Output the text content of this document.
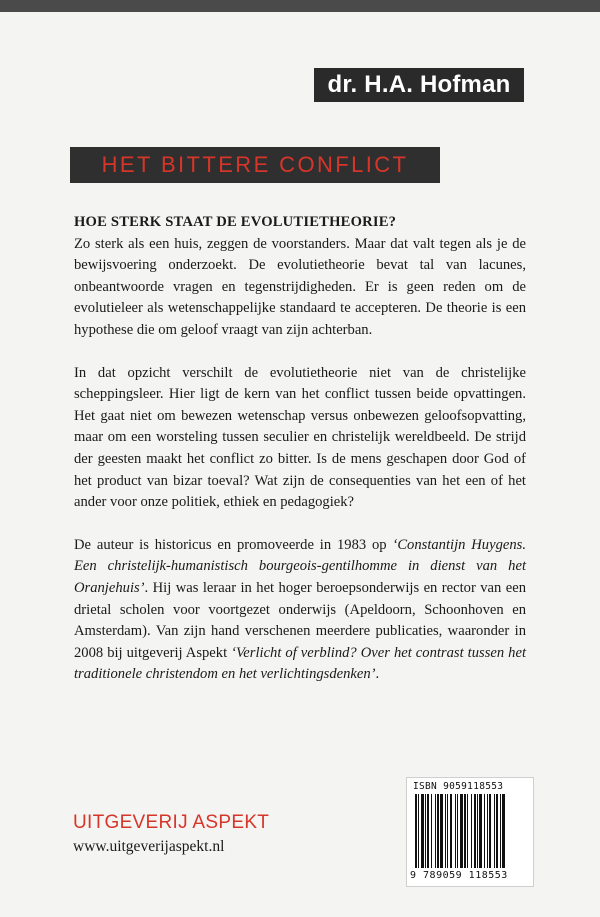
dr. H.A. Hofman
HET BITTERE CONFLICT
HOE STERK STAAT DE EVOLUTIETHEORIE?

Zo sterk als een huis, zeggen de voorstanders. Maar dat valt tegen als je de bewijsvoering onderzoekt. De evolutietheorie bevat tal van lacunes, onbeantwoorde vragen en tegenstrijdigheden. Er is geen reden om de evolutieleer als wetenschappelijke standaard te accepteren. De theorie is een hypothese die om geloof vraagt van zijn achterban.

In dat opzicht verschilt de evolutietheorie niet van de christelijke scheppingsleer. Hier ligt de kern van het conflict tussen beide opvattingen. Het gaat niet om bewezen wetenschap versus onbewezen geloofsopvatting, maar om een worsteling tussen seculier en christelijk wereldbeeld. De strijd der geesten maakt het conflict zo bitter. Is de mens geschapen door God of het product van bizar toeval? Wat zijn de consequenties van het een of het ander voor onze politiek, ethiek en pedagogiek?

De auteur is historicus en promoveerde in 1983 op ‘Constantijn Huygens. Een christelijk-humanistisch bourgeois-gentilhomme in dienst van het Oranjehuis’. Hij was leraar in het hoger beroepsonderwijs en rector van een drietal scholen voor voortgezet onderwijs (Apeldoorn, Schoonhoven en Amsterdam). Van zijn hand verschenen meerdere publicaties, waaronder in 2008 bij uitgeverij Aspekt ‘Verlicht of verblind? Over het contrast tussen het traditionele christendom en het verlichtingsdenken’.

UITGEVERIJ ASPEKT
www.uitgeverijaspekt.nl
ISBN 9059118553
9 789059 118553
